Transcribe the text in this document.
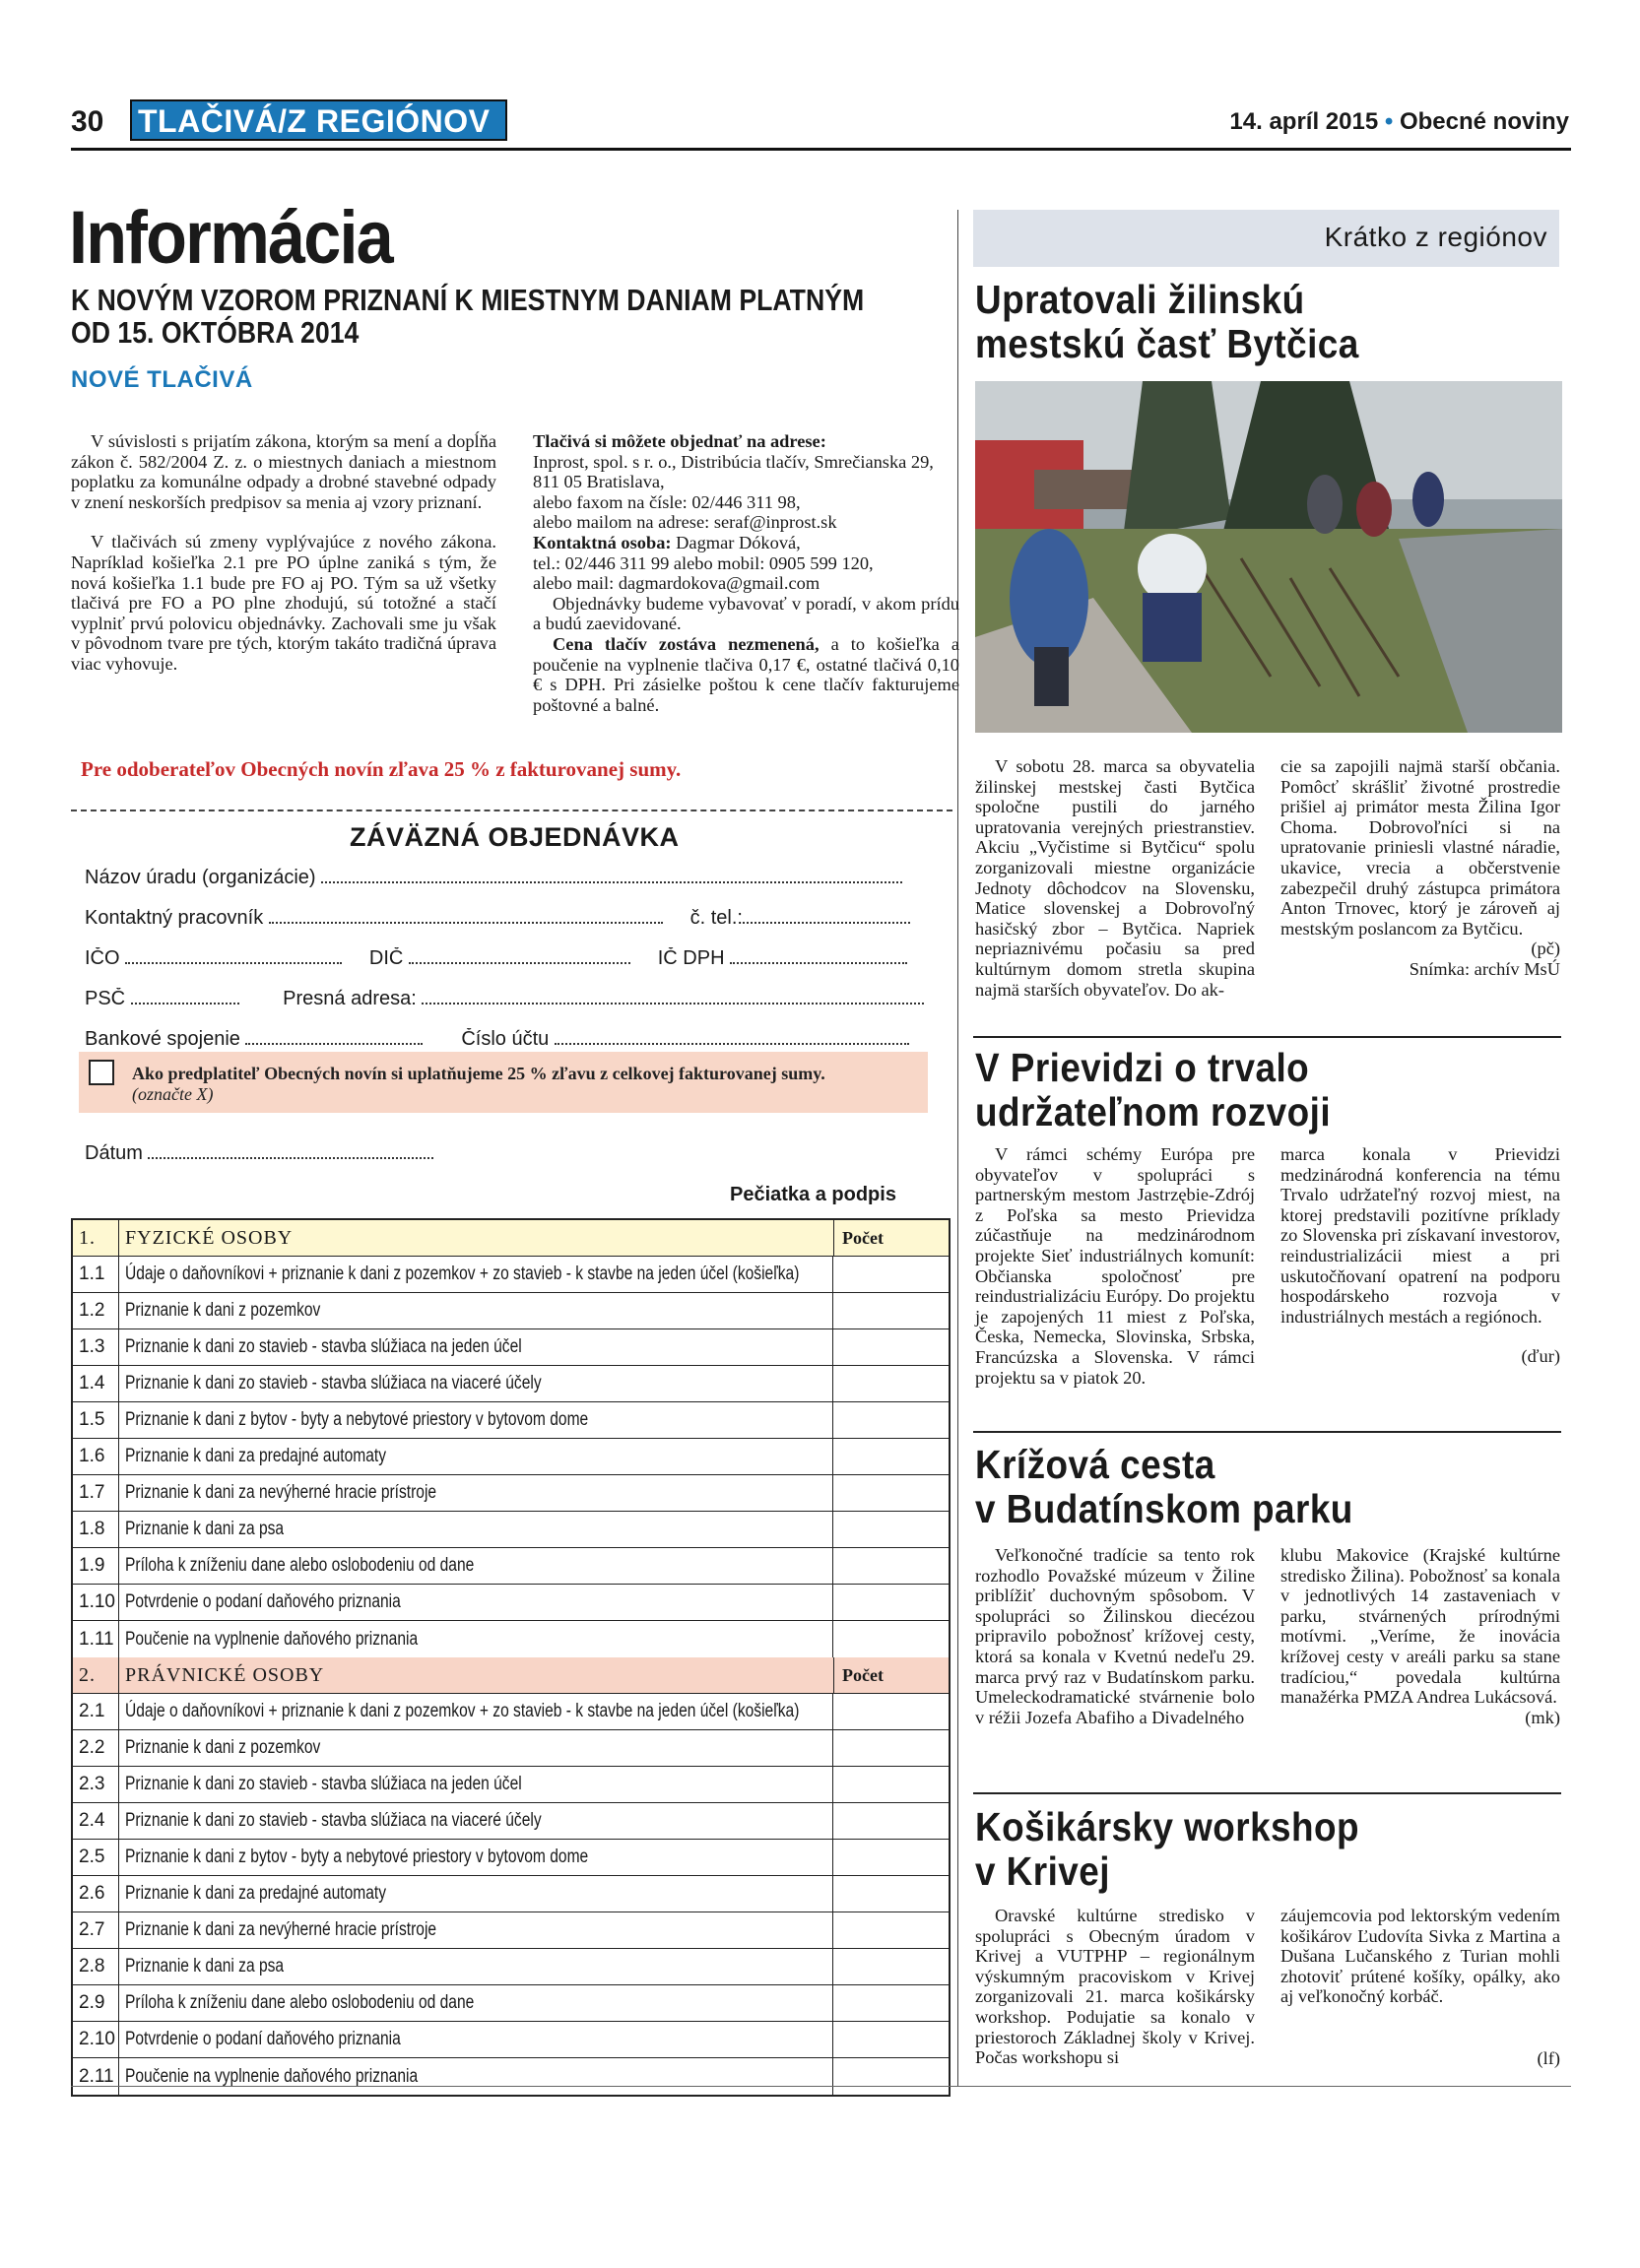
30 TLAČIVÁ/Z REGIÓNOV	14. apríl 2015 • Obecné noviny
Informácia
K NOVÝM VZOROM PRIZNANÍ K MIESTNYM DANIAM PLATNÝM
OD 15. OKTÓBRA 2014
NOVÉ TLAČIVÁ

V súvislosti s prijatím zákona, ktorým sa mení a dopĺňa zákon č. 582/2004 Z. z. o miestnych daniach a miestnom poplatku za komunálne odpady a drobné stavebné odpady v znení neskorších predpisov sa menia aj vzory priznaní.

V tlačivách sú zmeny vyplývajúce z nového zákona. Napríklad košieľka 2.1 pre PO úplne zaniká s tým, že nová košieľka 1.1 bude pre FO aj PO. Tým sa už všetky tlačivá pre FO a PO plne zhodujú, sú totožné a stačí vyplniť prvú polovicu objednávky. Zachovali sme ju však v pôvodnom tvare pre tých, ktorým takáto tradičná úprava viac vyhovuje.

Tlačivá si môžete objednať na adrese:

Inprost, spol. s r. o., Distribúcia tlačív, Smrečianska 29,

811 05 Bratislava,

alebo faxom na čísle: 02/446 311 98,

alebo mailom na adrese: seraf@inprost.sk

Kontaktná osoba: Dagmar Dóková,

tel.: 02/446 311 99 alebo mobil: 0905 599 120,

alebo mail: dagmardokova@gmail.com

Objednávky budeme vybavovať v poradí, v akom prídu a budú zaevidované.

Cena tlačív zostáva nezmenená, a to košieľka a poučenie na vyplnenie tlačiva 0,17 €, ostatné tlačivá 0,10 € s DPH. Pri zásielke poštou k cene tlačív fakturujeme poštovné a balné.

Pre odoberateľov Obecných novín zľava 25 % z fakturovanej sumy.
ZÁVÄZNÁ OBJEDNÁVKA
Názov úradu (organizácie)
Kontaktný pracovník	č. tel.:
IČO	DIČ	IČ DPH
PSČ	Presná adresa:
Bankové spojenie	Číslo účtu
Ako predplatiteľ Obecných novín si uplatňujeme 25 % zľavu z celkovej fakturovanej sumy.
(označte X)
Dátum
Pečiatka a podpis
1.	FYZICKÉ OSOBY	Počet
1.1	Údaje o daňovníkovi + priznanie k dani z pozemkov + zo stavieb - k stavbe na jeden účel (košieľka)
1.2	Priznanie k dani z pozemkov
1.3	Priznanie k dani zo stavieb - stavba slúžiaca na jeden účel
1.4	Priznanie k dani zo stavieb - stavba slúžiaca na viaceré účely
1.5	Priznanie k dani z bytov - byty a nebytové priestory v bytovom dome
1.6	Priznanie k dani za predajné automaty
1.7	Priznanie k dani za nevýherné hracie prístroje
1.8	Priznanie k dani za psa
1.9	Príloha k zníženiu dane alebo oslobodeniu od dane
1.10 Potvrdenie o podaní daňového priznania
1.11 Poučenie na vyplnenie daňového priznania
2.	PRÁVNICKÉ OSOBY	Počet
2.1	Údaje o daňovníkovi + priznanie k dani z pozemkov + zo stavieb - k stavbe na jeden účel (košieľka)
2.2	Priznanie k dani z pozemkov
2.3	Priznanie k dani zo stavieb - stavba slúžiaca na jeden účel
2.4	Priznanie k dani zo stavieb - stavba slúžiaca na viaceré účely
2.5	Priznanie k dani z bytov - byty a nebytové priestory v bytovom dome
2.6	Priznanie k dani za predajné automaty
2.7	Priznanie k dani za nevýherné hracie prístroje
2.8	Priznanie k dani za psa
2.9	Príloha k zníženiu dane alebo oslobodeniu od dane
2.10 Potvrdenie o podaní daňového priznania
2.11 Poučenie na vyplnenie daňového priznania
Krátko z regiónov
Upratovali žilinskú
mestskú časť Bytčica
V sobotu 28. marca sa obyvatelia žilinskej mestskej časti Bytčica spoločne pustili do jarného upratovania verejných priestranstiev. Akciu „Vyčistime si Bytčicu“ spolu zorganizovali miestne organizácie Jednoty dôchodcov na Slovensku, Matice slovenskej a Dobrovoľný hasičský zbor – Bytčica. Napriek nepriaznivému počasiu sa pred kultúrnym domom stretla skupina najmä starších obyvateľov. Do ak-
cie sa zapojili najmä starší občania. Pomôcť skrášliť životné prostredie prišiel aj primátor mesta Žilina Igor Choma. Dobrovoľníci si na upratovanie priniesli vlastné náradie, ukavice, vrecia a občerstvenie zabezpečil druhý zástupca primátora Anton Trnovec, ktorý je zároveň aj mestským poslancom za Bytčicu.
(pč)
Snímka: archív MsÚ
V Prievidzi o trvalo
udržateľnom rozvoji
V rámci schémy Európa pre obyvateľov v spolupráci s partnerským mestom Jastrzębie-Zdrój z Poľska sa mesto Prievidza zúčastňuje na medzinárodnom projekte Sieť industriálnych komunít: Občianska spoločnosť pre reindustrializáciu Európy. Do projektu je zapojených 11 miest z Poľska, Česka, Nemecka, Slovinska, Srbska, Francúzska a Slovenska. V rámci projektu sa v piatok 20.
marca konala v Prievidzi medzinárodná konferencia na tému Trvalo udržateľný rozvoj miest, na ktorej predstavili pozitívne príklady zo Slovenska pri získavaní investorov, reindustrializácii miest a pri uskutočňovaní opatrení na podporu hospodárskeho rozvoja v industriálnych mestách a regiónoch.
(ďur)
Krížová cesta
v Budatínskom parku
Veľkonočné tradície sa tento rok rozhodlo Považské múzeum v Žiline priblížiť duchovným spôsobom. V spolupráci so Žilinskou diecézou pripravilo pobožnosť krížovej cesty, ktorá sa konala v Kvetnú nedeľu 29. marca prvý raz v Budatínskom parku. Umeleckodramatické stvárnenie bolo v réžii Jozefa Abafiho a Divadelného
klubu Makovice (Krajské kultúrne stredisko Žilina). Pobožnosť sa konala v jednotlivých 14 zastaveniach v parku, stvárnených prírodnými motívmi. „Veríme, že inovácia krížovej cesty v areáli parku sa stane tradíciou,“ povedala kultúrna manažérka PMZA Andrea Lukácsová.
(mk)
Košikársky workshop
v Krivej
Oravské kultúrne stredisko v spolupráci s Obecným úradom v Krivej a VUTPHP – regionálnym výskumným pracoviskom v Krivej zorganizovali 21. marca košikársky workshop. Podujatie sa konalo v priestoroch Základnej školy v Krivej. Počas workshopu si
záujemcovia pod lektorským vedením košikárov Ľudovíta Sivka z Martina a Dušana Lučanského z Turian mohli zhotoviť prútené košíky, opálky, ako aj veľkonočný korbáč.
(lf)
